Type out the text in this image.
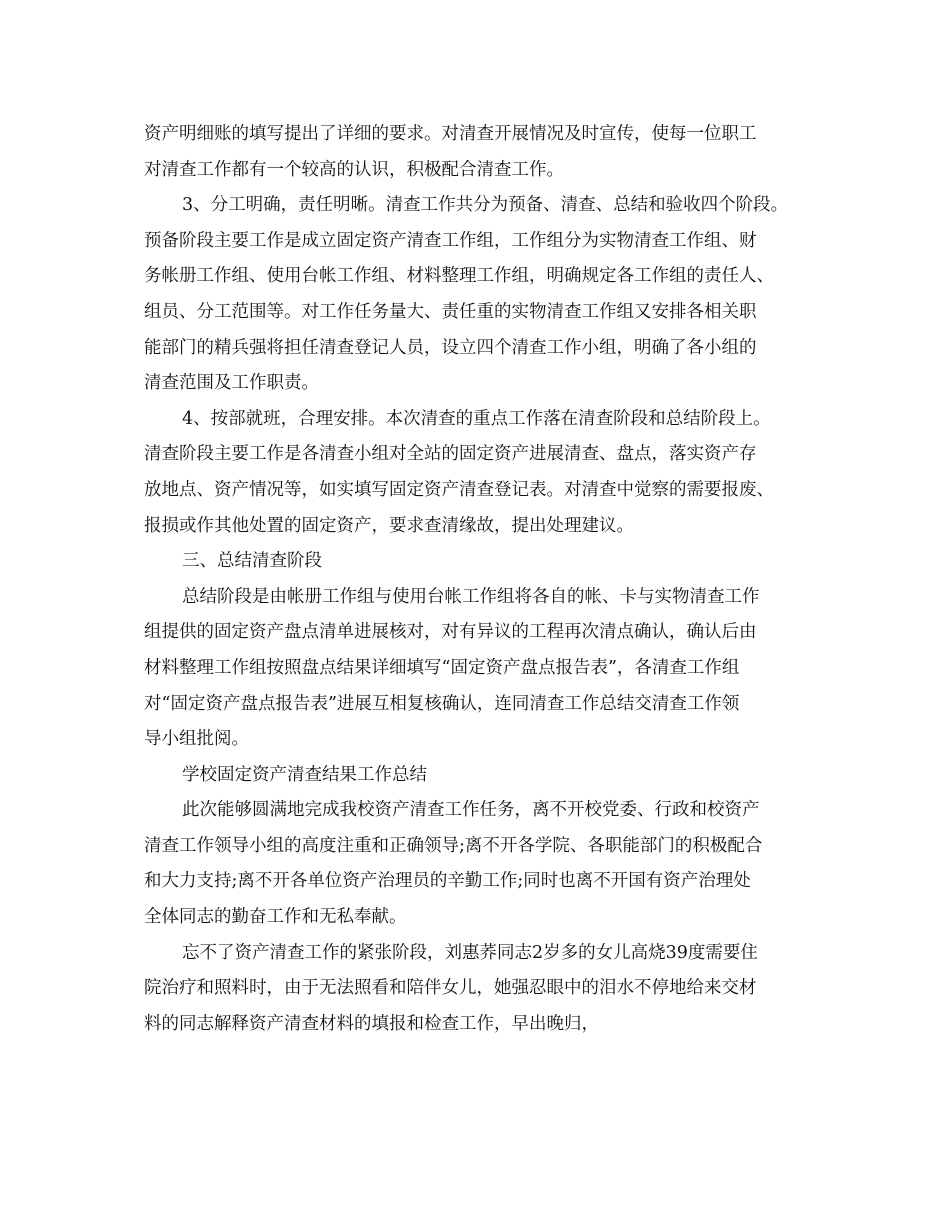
资产明细账的填写提出了详细的要求。对清查开展情况及时宣传，使每一位职工
对清查工作都有一个较高的认识，积极配合清查工作。
3、分工明确，责任明晰。清查工作共分为预备、清查、总结和验收四个阶段。
预备阶段主要工作是成立固定资产清查工作组，工作组分为实物清查工作组、财
务帐册工作组、使用台帐工作组、材料整理工作组，明确规定各工作组的责任人、
组员、分工范围等。对工作任务量大、责任重的实物清查工作组又安排各相关职
能部门的精兵强将担任清查登记人员，设立四个清查工作小组，明确了各小组的
清查范围及工作职责。
4、按部就班，合理安排。本次清查的重点工作落在清查阶段和总结阶段上。
清查阶段主要工作是各清查小组对全站的固定资产进展清查、盘点，落实资产存
放地点、资产情况等，如实填写固定资产清查登记表。对清查中觉察的需要报废、
报损或作其他处置的固定资产，要求查清缘故，提出处理建议。
三、总结清查阶段
总结阶段是由帐册工作组与使用台帐工作组将各自的帐、卡与实物清查工作
组提供的固定资产盘点清单进展核对，对有异议的工程再次清点确认，确认后由
材料整理工作组按照盘点结果详细填写“固定资产盘点报告表”，各清查工作组
对“固定资产盘点报告表”进展互相复核确认，连同清查工作总结交清查工作领
导小组批阅。
学校固定资产清查结果工作总结
此次能够圆满地完成我校资产清查工作任务，离不开校党委、行政和校资产
清查工作领导小组的高度注重和正确领导;离不开各学院、各职能部门的积极配合
和大力支持;离不开各单位资产治理员的辛勤工作;同时也离不开国有资产治理处
全体同志的勤奋工作和无私奉献。
忘不了资产清查工作的紧张阶段，刘惠荞同志2岁多的女儿高烧39度需要住
院治疗和照料时，由于无法照看和陪伴女儿，她强忍眼中的泪水不停地给来交材
料的同志解释资产清查材料的填报和检查工作，早出晚归，
